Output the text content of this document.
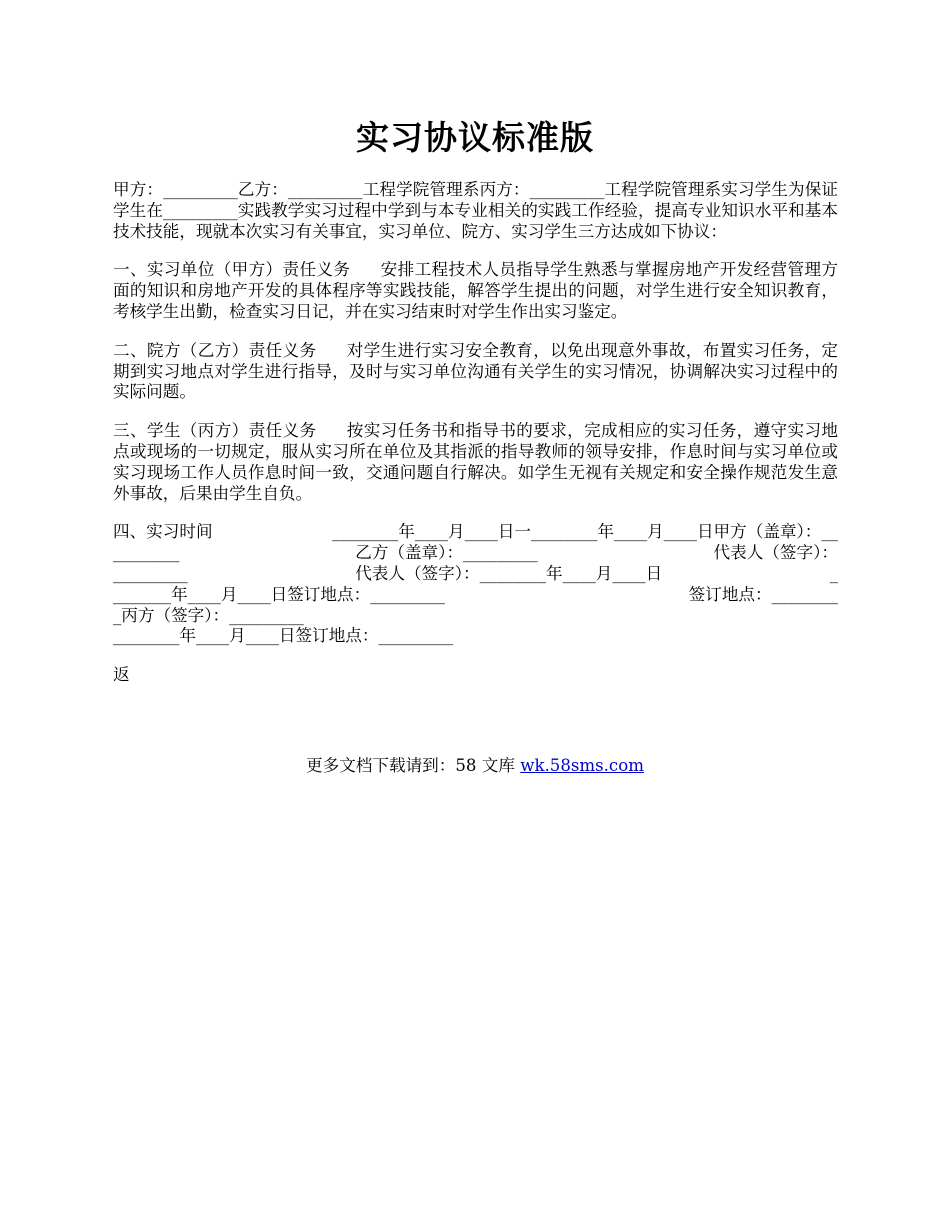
实习协议标准版

甲方：_________乙方：_________工程学院管理系丙方：_________工程学院管理系实习学生为保证学生在_________实践教学实习过程中学到与本专业相关的实践工作经验，提高专业知识水平和基本技术技能，现就本次实习有关事宜，实习单位、院方、实习学生三方达成如下协议：

一、实习单位（甲方）责任义务 安排工程技术人员指导学生熟悉与掌握房地产开发经营管理方面的知识和房地产开发的具体程序等实践技能，解答学生提出的问题，对学生进行安全知识教育，考核学生出勤，检查实习日记，并在实习结束时对学生作出实习鉴定。

二、院方（乙方）责任义务 对学生进行实习安全教育，以免出现意外事故，布置实习任务，定期到实习地点对学生进行指导，及时与实习单位沟通有关学生的实习情况，协调解决实习过程中的实际问题。

三、学生（丙方）责任义务 按实习任务书和指导书的要求，完成相应的实习任务，遵守实习地点或现场的一切规定，服从实习所在单位及其指派的指导教师的领导安排，作息时间与实习单位或实习现场工作人员作息时间一致，交通问题自行解决。如学生无视有关规定和安全操作规范发生意外事故，后果由学生自负。

四、实习时间	________年____月____日一________年____月____日甲方（盖章）：__
________	乙方（盖章）：_________	代表人（签字）：
_________	代表人（签字）：________年____月____日	_
_______年____月____日签订地点：_________	签订地点：________
_丙方（签字）：_________
________年____月____日签订地点：_________

返

更多文档下载请到：58 文库 wk.58sms.com
